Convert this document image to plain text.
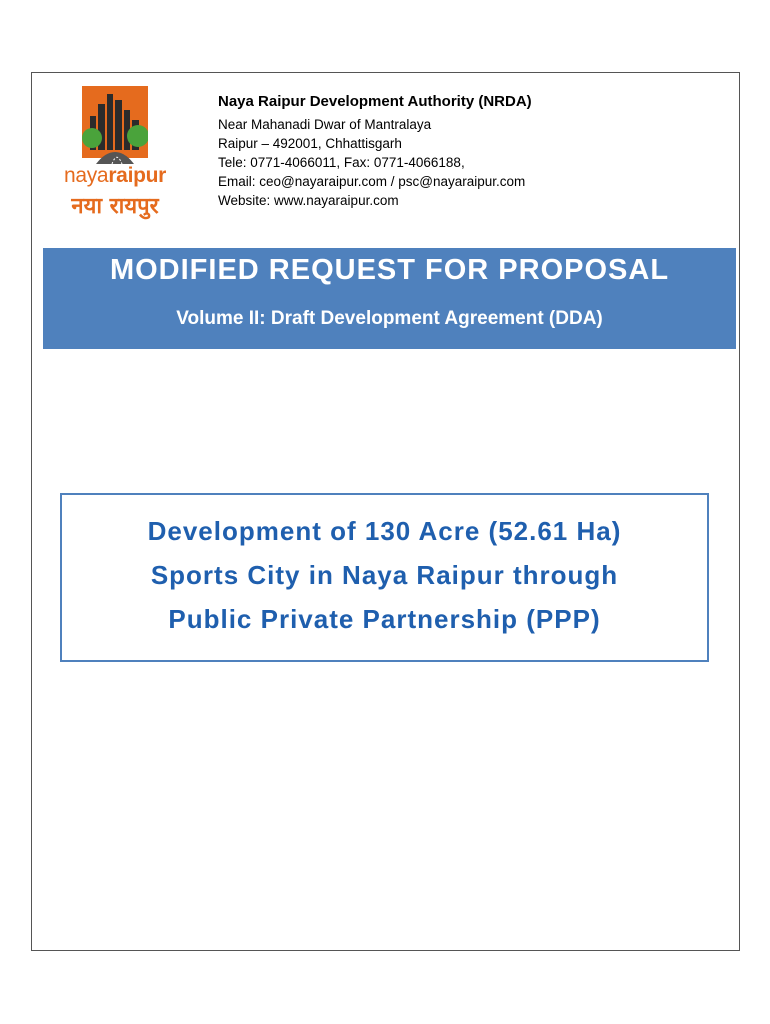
nayaraipur
नया रायपुर

Naya Raipur Development Authority (NRDA)

Near Mahanadi Dwar of Mantralaya

Raipur – 492001, Chhattisgarh

Tele: 0771-4066011, Fax: 0771-4066188,

Email: ceo@nayaraipur.com / psc@nayaraipur.com

Website: www.nayaraipur.com

MODIFIED REQUEST FOR PROPOSAL
Volume II: Draft Development Agreement (DDA)
Development of 130 Acre (52.61 Ha)
Sports City in Naya Raipur through
Public Private Partnership (PPP)
